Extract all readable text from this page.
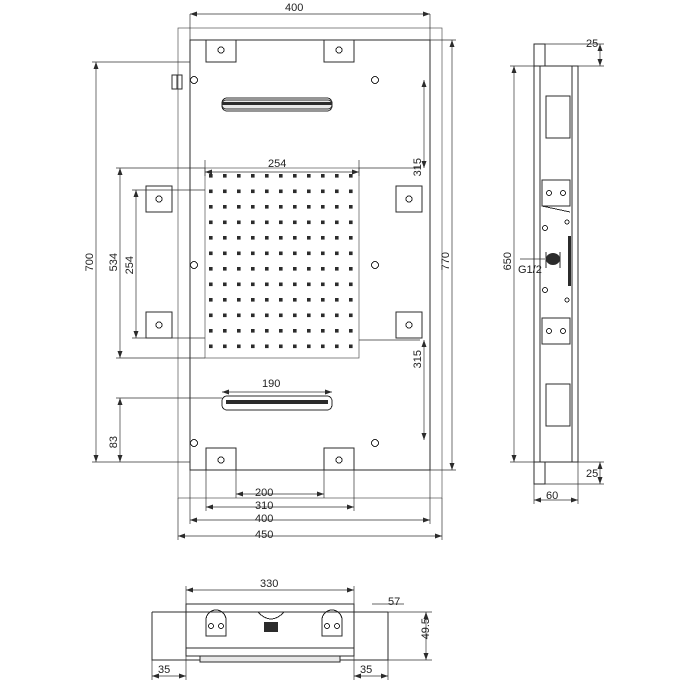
400
200
310
400
450
700 534
83
254	770
315
315
254
190
25
25
650
60
G1/2
330
35	35
57
49.5
